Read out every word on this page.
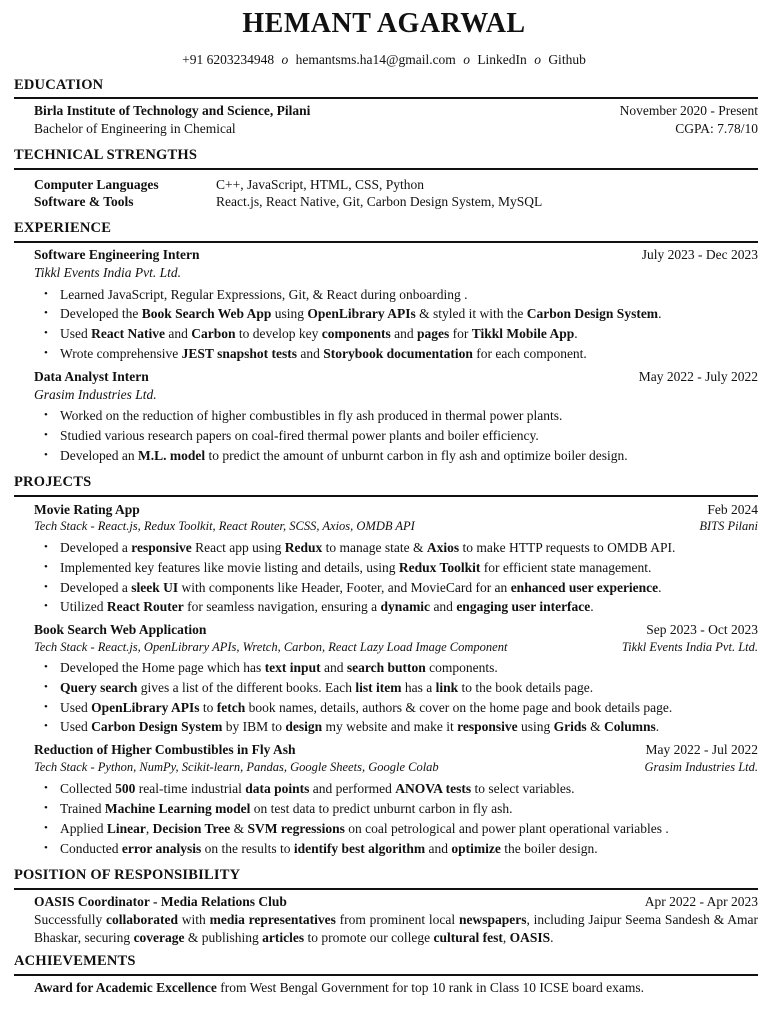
HEMANT AGARWAL
+91 6203234948 o hemantsms.ha14@gmail.com o LinkedIn o Github
EDUCATION
Birla Institute of Technology and Science, Pilani	November 2020 - Present
Bachelor of Engineering in Chemical	CGPA: 7.78/10
TECHNICAL STRENGTHS
Computer Languages	C++, JavaScript, HTML, CSS, Python
Software & Tools	React.js, React Native, Git, Carbon Design System, MySQL
EXPERIENCE
Software Engineering Intern	July 2023 - Dec 2023
Tikkl Events India Pvt. Ltd.
Learned JavaScript, Regular Expressions, Git, & React during onboarding .
Developed the Book Search Web App using OpenLibrary APIs & styled it with the Carbon Design System.
Used React Native and Carbon to develop key components and pages for Tikkl Mobile App.
Wrote comprehensive JEST snapshot tests and Storybook documentation for each component.
Data Analyst Intern	May 2022 - July 2022
Grasim Industries Ltd.
Worked on the reduction of higher combustibles in fly ash produced in thermal power plants.
Studied various research papers on coal-fired thermal power plants and boiler efficiency.
Developed an M.L. model to predict the amount of unburnt carbon in fly ash and optimize boiler design.
PROJECTS
Movie Rating App	Feb 2024
Tech Stack - React.js, Redux Toolkit, React Router, SCSS, Axios, OMDB API	BITS Pilani
Developed a responsive React app using Redux to manage state & Axios to make HTTP requests to OMDB API.
Implemented key features like movie listing and details, using Redux Toolkit for efficient state management.
Developed a sleek UI with components like Header, Footer, and MovieCard for an enhanced user experience.
Utilized React Router for seamless navigation, ensuring a dynamic and engaging user interface.
Book Search Web Application	Sep 2023 - Oct 2023
Tech Stack - React.js, OpenLibrary APIs, Wretch, Carbon, React Lazy Load Image Component	Tikkl Events India Pvt. Ltd.
Developed the Home page which has text input and search button components.
Query search gives a list of the different books. Each list item has a link to the book details page.
Used OpenLibrary APIs to fetch book names, details, authors & cover on the home page and book details page.
Used Carbon Design System by IBM to design my website and make it responsive using Grids & Columns.
Reduction of Higher Combustibles in Fly Ash	May 2022 - Jul 2022
Tech Stack - Python, NumPy, Scikit-learn, Pandas, Google Sheets, Google Colab	Grasim Industries Ltd.
Collected 500 real-time industrial data points and performed ANOVA tests to select variables.
Trained Machine Learning model on test data to predict unburnt carbon in fly ash.
Applied Linear, Decision Tree & SVM regressions on coal petrological and power plant operational variables .
Conducted error analysis on the results to identify best algorithm and optimize the boiler design.
POSITION OF RESPONSIBILITY
OASIS Coordinator - Media Relations Club	Apr 2022 - Apr 2023
Successfully collaborated with media representatives from prominent local newspapers, including Jaipur Seema Sandesh & Amar Bhaskar, securing coverage & publishing articles to promote our college cultural fest, OASIS.
ACHIEVEMENTS
Award for Academic Excellence from West Bengal Government for top 10 rank in Class 10 ICSE board exams.
